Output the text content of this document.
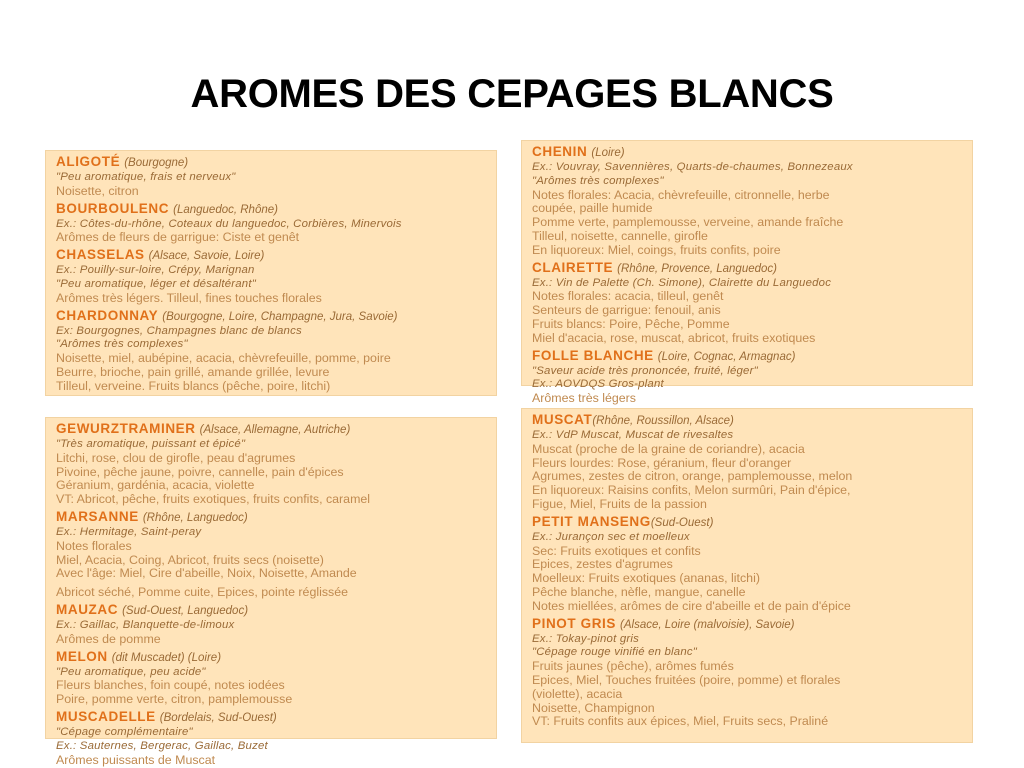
AROMES DES CEPAGES BLANCS
ALIGOTÉ (Bourgogne)
"Peu aromatique, frais et nerveux"
Noisette, citron
BOURBOULENC (Languedoc, Rhône)
Ex.: Côtes-du-rhône, Coteaux du languedoc, Corbières, Minervois
Arômes de fleurs de garrigue: Ciste et genêt
CHASSELAS (Alsace, Savoie, Loire)
Ex.: Pouilly-sur-loire, Crépy, Marignan
"Peu aromatique, léger et désaltérant"
Arômes très légers. Tilleul, fines touches florales
CHARDONNAY (Bourgogne, Loire, Champagne, Jura, Savoie)
Ex: Bourgognes, Champagnes blanc de blancs
"Arômes très complexes"
Noisette, miel, aubépine, acacia, chèvrefeuille, pomme, poire
Beurre, brioche, pain grillé, amande grillée, levure
Tilleul, verveine. Fruits blancs (pêche, poire, litchi)
CHENIN (Loire)
Ex.: Vouvray, Savennières, Quarts-de-chaumes, Bonnezeaux
"Arômes très complexes"
Notes florales: Acacia, chèvrefeuille, citronnelle, herbe
coupée, paille humide
Pomme verte, pamplemousse, verveine, amande fraîche
Tilleul, noisette, cannelle, girofle
En liquoreux: Miel, coings, fruits confits, poire
CLAIRETTE (Rhône, Provence, Languedoc)
Ex.: Vin de Palette (Ch. Simone), Clairette du Languedoc
Notes florales: acacia, tilleul, genêt
Senteurs de garrigue: fenouil, anis
Fruits blancs: Poire, Pêche, Pomme
Miel d'acacia, rose, muscat, abricot, fruits exotiques
FOLLE BLANCHE (Loire, Cognac, Armagnac)
"Saveur acide très prononcée, fruité, léger"
Ex.: AOVDQS Gros-plant
Arômes très légers
GEWURZTRAMINER (Alsace, Allemagne, Autriche)
"Très aromatique, puissant et épicé"
Litchi, rose, clou de girofle, peau d'agrumes
Pivoine, pêche jaune, poivre, cannelle, pain d'épices
Géranium, gardénia, acacia, violette
VT: Abricot, pêche, fruits exotiques, fruits confits, caramel
MARSANNE (Rhône, Languedoc)
Ex.: Hermitage, Saint-peray
Notes florales
Miel, Acacia, Coing, Abricot, fruits secs (noisette)
Avec l'âge: Miel, Cire d'abeille, Noix, Noisette, Amande
Abricot séché, Pomme cuite, Epices, pointe réglissée
MAUZAC (Sud-Ouest, Languedoc)
Ex.: Gaillac, Blanquette-de-limoux
Arômes de pomme
MELON (dit Muscadet) (Loire)
"Peu aromatique, peu acide"
Fleurs blanches, foin coupé, notes iodées
Poire, pomme verte, citron, pamplemousse
MUSCADELLE (Bordelais, Sud-Ouest)
"Cépage complémentaire"
Ex.: Sauternes, Bergerac, Gaillac, Buzet
Arômes puissants de Muscat
MUSCAT(Rhône, Roussillon, Alsace)
Ex.: VdP Muscat, Muscat de rivesaltes
Muscat (proche de la graine de coriandre), acacia
Fleurs lourdes: Rose, géranium, fleur d'oranger
Agrumes, zestes de citron, orange, pamplemousse, melon
En liquoreux: Raisins confits, Melon surmûri, Pain d'épice,
Figue, Miel, Fruits de la passion
PETIT MANSENG(Sud-Ouest)
Ex.: Jurançon sec et moelleux
Sec: Fruits exotiques et confits
Epices, zestes d'agrumes
Moelleux: Fruits exotiques (ananas, litchi)
Pêche blanche, nèfle, mangue, canelle
Notes miellées, arômes de cire d'abeille et de pain d'épice
PINOT GRIS (Alsace, Loire (malvoisie), Savoie)
Ex.: Tokay-pinot gris
"Cépage rouge vinifié en blanc"
Fruits jaunes (pêche), arômes fumés
Epices, Miel, Touches fruitées (poire, pomme) et florales
(violette), acacia
Noisette, Champignon
VT: Fruits confits aux épices, Miel, Fruits secs, Praliné
